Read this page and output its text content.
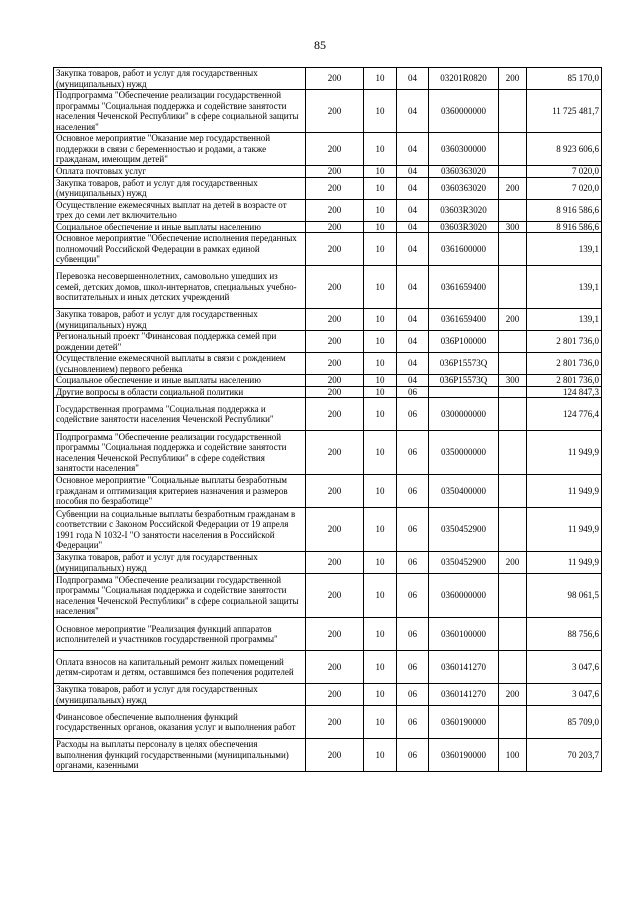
85
Закупка товаров, работ и услуг для государственных (муниципальных) нужд	200	10	04	03201R0820	200	85 170,0
Подпрограмма "Обеспечение реализации государственной программы "Социальная поддержка и содействие занятости населения Чеченской Республики" в сфере социальной защиты населения"	200	10	04	0360000000		11 725 481,7
Основное мероприятие "Оказание мер государственной поддержки в связи с беременностью и родами, а также гражданам, имеющим детей"	200	10	04	0360300000		8 923 606,6
Оплата почтовых услуг	200	10	04	0360363020		7 020,0
Закупка товаров, работ и услуг для государственных (муниципальных) нужд	200	10	04	0360363020	200	7 020,0
Осуществление ежемесячных выплат на детей в возрасте от трех до семи лет включительно	200	10	04	03603R3020		8 916 586,6
Социальное обеспечение и иные выплаты населению	200	10	04	03603R3020	300	8 916 586,6
Основное мероприятие "Обеспечение исполнения переданных полномочий Российской Федерации в рамках единой субвенции"	200	10	04	0361600000		139,1
Перевозка несовершеннолетних, самовольно ушедших из семей, детских домов, школ-интернатов, специальных учебно-воспитательных и иных детских учреждений	200	10	04	0361659400		139,1
Закупка товаров, работ и услуг для государственных (муниципальных) нужд	200	10	04	0361659400	200	139,1
Региональный проект "Финансовая поддержка семей при рождении детей"	200	10	04	036P100000		2 801 736,0
Осуществление ежемесячной выплаты в связи с рождением (усыновлением) первого ребенка	200	10	04	036P15573Q		2 801 736,0
Социальное обеспечение и иные выплаты населению	200	10	04	036P15573Q	300	2 801 736,0
Другие вопросы в области социальной политики	200	10	06			124 847,3
Государственная программа "Социальная поддержка и содействие занятости населения Чеченской Республики"	200	10	06	0300000000		124 776,4
Подпрограмма "Обеспечение реализации государственной программы "Социальная поддержка и содействие занятости населения Чеченской Республики" в сфере содействия занятости населения"	200	10	06	0350000000		11 949,9
Основное мероприятие "Социальные выплаты безработным гражданам и оптимизация критериев назначения и размеров пособия по безработице"	200	10	06	0350400000		11 949,9
Субвенции на социальные выплаты безработным гражданам в соответствии с Законом Российской Федерации от 19 апреля 1991 года N 1032-I "О занятости населения в Российской Федерации"	200	10	06	0350452900		11 949,9
Закупка товаров, работ и услуг для государственных (муниципальных) нужд	200	10	06	0350452900	200	11 949,9
Подпрограмма "Обеспечение реализации государственной программы "Социальная поддержка и содействие занятости населения Чеченской Республики" в сфере социальной защиты населения"	200	10	06	0360000000		98 061,5
Основное мероприятие "Реализация функций аппаратов исполнителей и участников государственной программы"	200	10	06	0360100000		88 756,6
Оплата взносов на капитальный ремонт жилых помещений детям-сиротам и детям, оставшимся без попечения родителей	200	10	06	0360141270		3 047,6
Закупка товаров, работ и услуг для государственных (муниципальных) нужд	200	10	06	0360141270	200	3 047,6
Финансовое обеспечение выполнения функций государственных органов, оказания услуг и выполнения работ	200	10	06	0360190000		85 709,0
Расходы на выплаты персоналу в целях обеспечения выполнения функций государственными (муниципальными) органами, казенными	200	10	06	0360190000	100	70 203,7
